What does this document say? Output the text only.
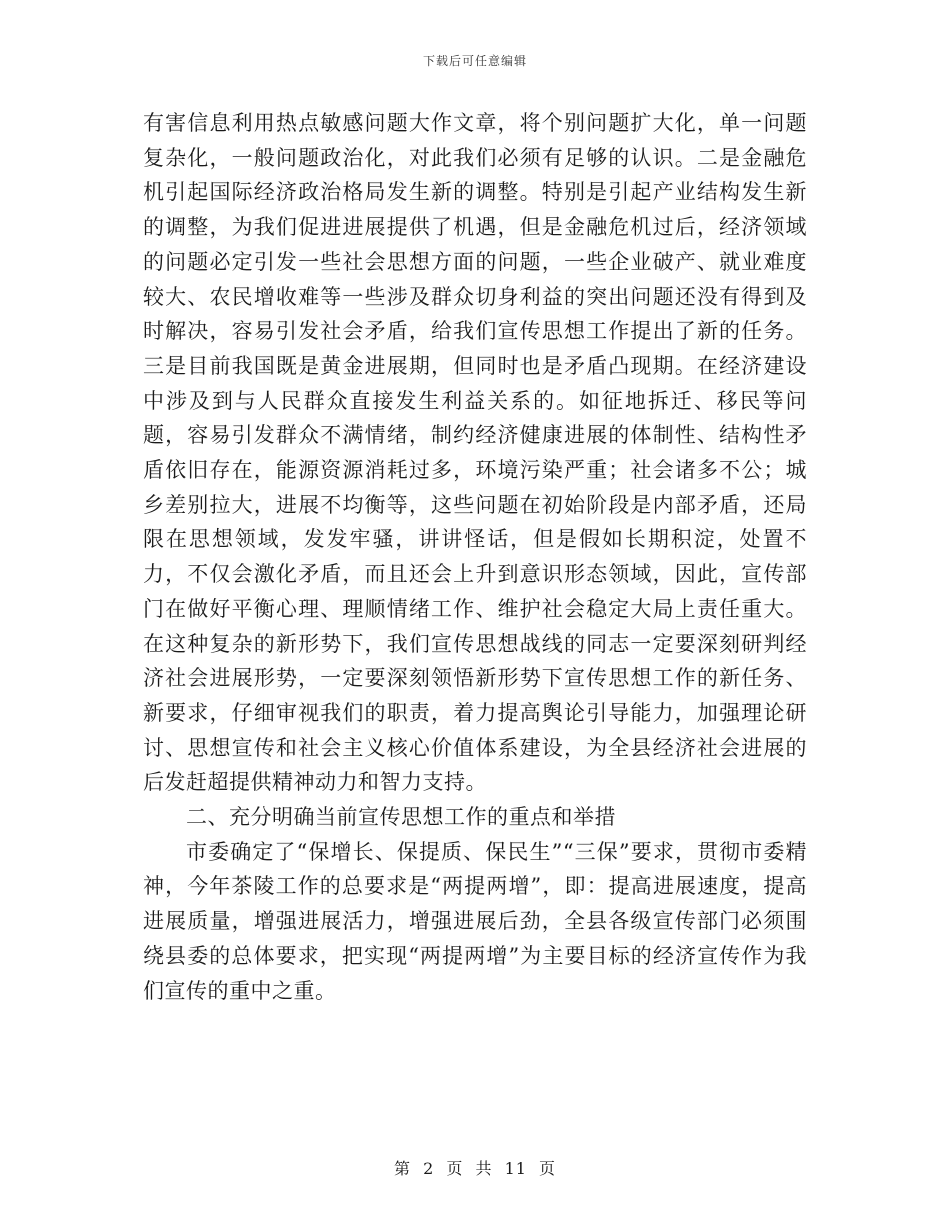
下载后可任意编辑

有害信息利用热点敏感问题大作文章，将个别问题扩大化，单一问题复杂化，一般问题政治化，对此我们必须有足够的认识。二是金融危机引起国际经济政治格局发生新的调整。特别是引起产业结构发生新的调整，为我们促进进展提供了机遇，但是金融危机过后，经济领域的问题必定引发一些社会思想方面的问题，一些企业破产、就业难度较大、农民增收难等一些涉及群众切身利益的突出问题还没有得到及时解决，容易引发社会矛盾，给我们宣传思想工作提出了新的任务。三是目前我国既是黄金进展期，但同时也是矛盾凸现期。在经济建设中涉及到与人民群众直接发生利益关系的。如征地拆迁、移民等问题，容易引发群众不满情绪，制约经济健康进展的体制性、结构性矛盾依旧存在，能源资源消耗过多，环境污染严重；社会诸多不公；城乡差别拉大，进展不均衡等，这些问题在初始阶段是内部矛盾，还局限在思想领域，发发牢骚，讲讲怪话，但是假如长期积淀，处置不力，不仅会激化矛盾，而且还会上升到意识形态领域，因此，宣传部门在做好平衡心理、理顺情绪工作、维护社会稳定大局上责任重大。在这种复杂的新形势下，我们宣传思想战线的同志一定要深刻研判经济社会进展形势，一定要深刻领悟新形势下宣传思想工作的新任务、新要求，仔细审视我们的职责，着力提高舆论引导能力，加强理论研讨、思想宣传和社会主义核心价值体系建设，为全县经济社会进展的后发赶超提供精神动力和智力支持。

二、充分明确当前宣传思想工作的重点和举措

市委确定了“保增长、保提质、保民生”“三保”要求，贯彻市委精神，今年茶陵工作的总要求是“两提两增”，即：提高进展速度，提高进展质量，增强进展活力，增强进展后劲，全县各级宣传部门必须围绕县委的总体要求，把实现“两提两增”为主要目标的经济宣传作为我们宣传的重中之重。

第 2 页 共 11 页
